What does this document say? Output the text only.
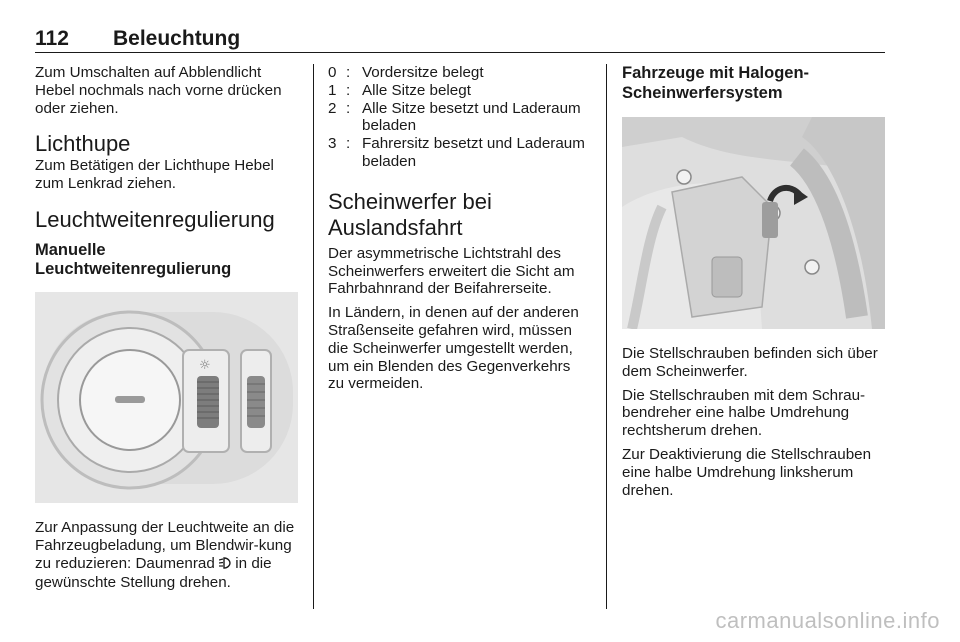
112 Beleuchtung

Zum Umschalten auf Abblendlicht Hebel nochmals nach vorne drücken oder ziehen.

Lichthupe

Zum Betätigen der Lichthupe Hebel zum Lenkrad ziehen.

Leuchtweitenregulierung
Manuelle
Leuchtweitenregulierung
☼

Zur Anpassung der Leuchtweite an die Fahrzeugbeladung, um Blendwir-kung zu reduzieren: Daumenrad in die gewünschte Stellung drehen.

0 : Vordersitze belegt
1 : Alle Sitze belegt
2 : Alle Sitze besetzt und Laderaum beladen
3 : Fahrersitz besetzt und Laderaum beladen
Scheinwerfer bei
Auslandsfahrt

Der asymmetrische Lichtstrahl des Scheinwerfers erweitert die Sicht am Fahrbahnrand der Beifahrerseite.

In Ländern, in denen auf der anderen Straßenseite gefahren wird, müssen die Scheinwerfer umgestellt werden, um ein Blenden des Gegenverkehrs zu vermeiden.

Fahrzeuge mit Halogen-
Scheinwerfersystem

Die Stellschrauben befinden sich über dem Scheinwerfer.

Die Stellschrauben mit dem Schrau-bendreher eine halbe Umdrehung rechtsherum drehen.

Zur Deaktivierung die Stellschrauben eine halbe Umdrehung linksherum drehen.

carmanualsonline.info
